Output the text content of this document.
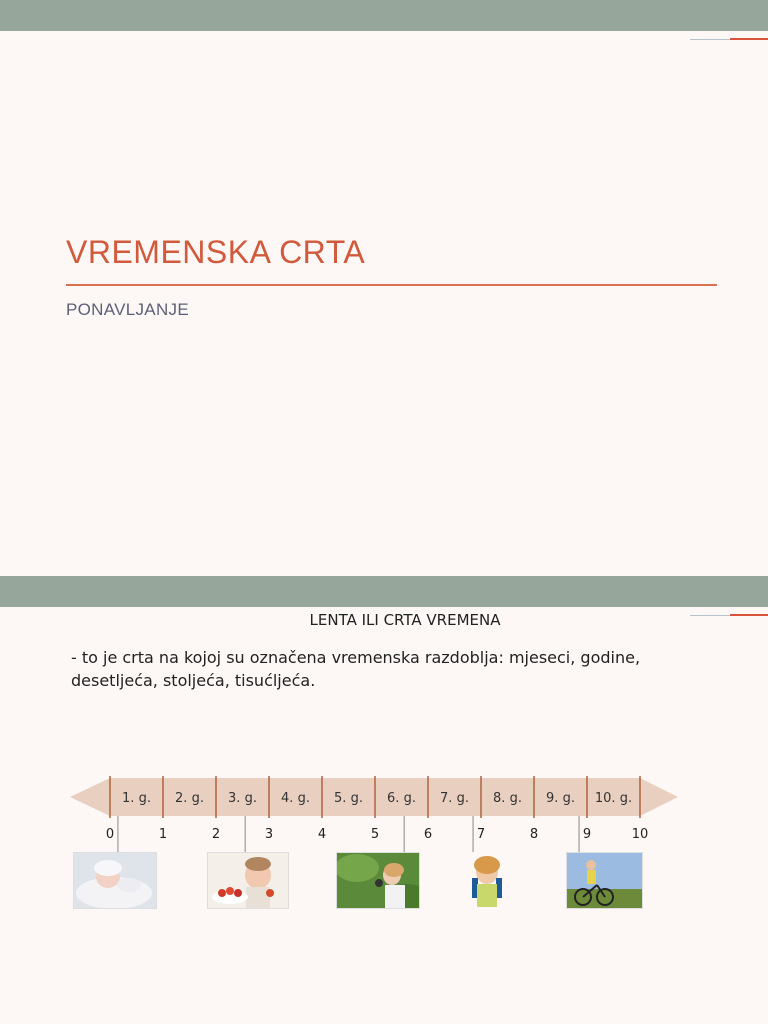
VREMENSKA CRTA
PONAVLJANJE
LENTA ILI CRTA VREMENA
- to je crta na kojoj su označena vremenska razdoblja: mjeseci, godine, desetljeća, stoljeća, tisućljeća.
1. g. 2. g. 3. g. 4. g. 5. g. 6. g. 7. g. 8. g. 9. g. 10. g.
0	1	2	3	4	5	6	7	8	9	10
